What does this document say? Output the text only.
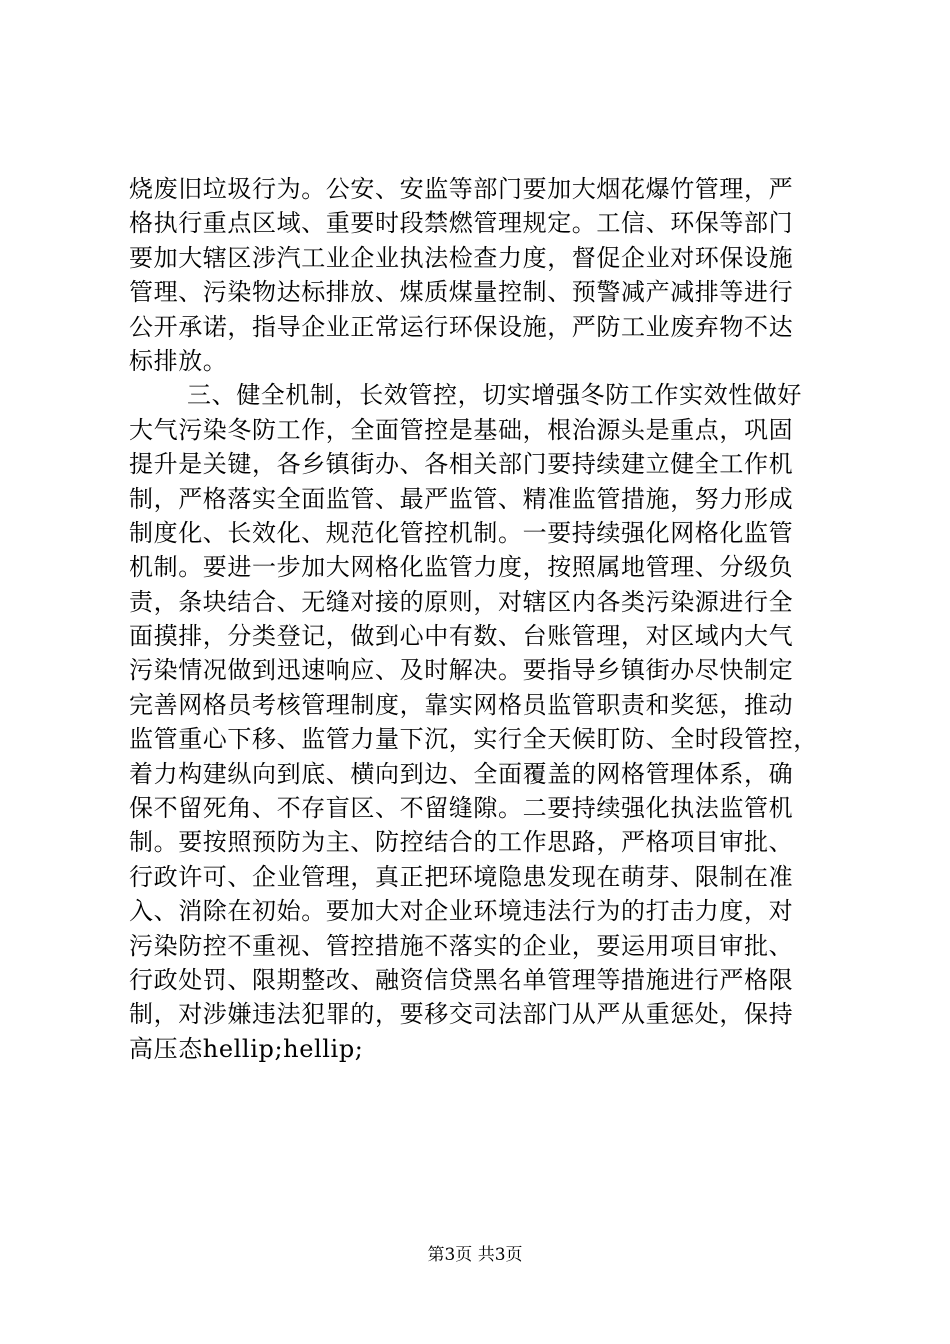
烧废旧垃圾行为。公安、安监等部门要加大烟花爆竹管理，严
格执行重点区域、重要时段禁燃管理规定。工信、环保等部门
要加大辖区涉汽工业企业执法检查力度，督促企业对环保设施
管理、污染物达标排放、煤质煤量控制、预警减产减排等进行
公开承诺，指导企业正常运行环保设施，严防工业废弃物不达
标排放。
三、健全机制，长效管控，切实增强冬防工作实效性做好
大气污染冬防工作，全面管控是基础，根治源头是重点，巩固
提升是关键，各乡镇街办、各相关部门要持续建立健全工作机
制，严格落实全面监管、最严监管、精准监管措施，努力形成
制度化、长效化、规范化管控机制。一要持续强化网格化监管
机制。要进一步加大网格化监管力度，按照属地管理、分级负
责，条块结合、无缝对接的原则，对辖区内各类污染源进行全
面摸排，分类登记，做到心中有数、台账管理，对区域内大气
污染情况做到迅速响应、及时解决。要指导乡镇街办尽快制定
完善网格员考核管理制度，靠实网格员监管职责和奖惩，推动
监管重心下移、监管力量下沉，实行全天候盯防、全时段管控，
着力构建纵向到底、横向到边、全面覆盖的网格管理体系，确
保不留死角、不存盲区、不留缝隙。二要持续强化执法监管机
制。要按照预防为主、防控结合的工作思路，严格项目审批、
行政许可、企业管理，真正把环境隐患发现在萌芽、限制在准
入、消除在初始。要加大对企业环境违法行为的打击力度，对
污染防控不重视、管控措施不落实的企业，要运用项目审批、
行政处罚、限期整改、融资信贷黑名单管理等措施进行严格限
制，对涉嫌违法犯罪的，要移交司法部门从严从重惩处，保持
高压态hellip;hellip;
第3页 共3页
